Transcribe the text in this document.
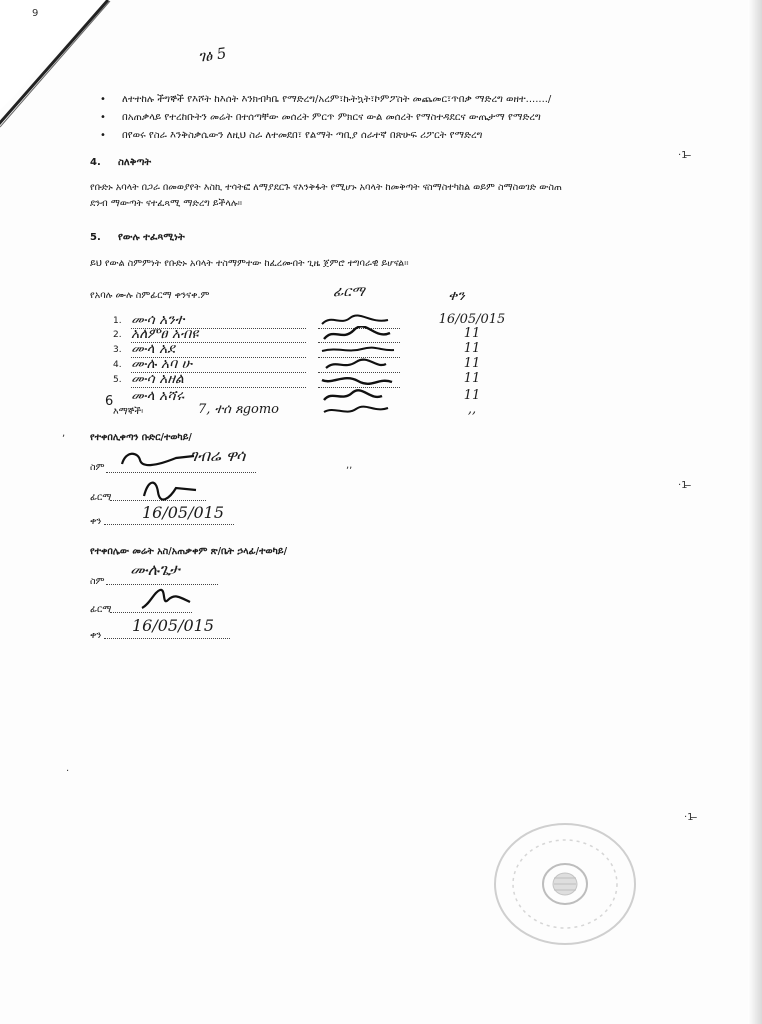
9
ገፅ 5
• ለተተከሉ ችግኞች የእሾት ከእሰት እንክብካቤ የማድረግ/አረም፣ኩትኳት፣ኮምፖስት መጨመር፣ጥበቃ ማድረግ ወዘተ......./
• በአጠቃላይ የተረከቡትን መሬት በተሰጣቸው መሰረት ምርጥ ምክርና ውል መሰረት የማስተዳደርና ውጤታማ የማድረግ
• በየወሩ የስራ እንቅስቃሴውን ለዚህ ስራ ለተመደበ፣ የልማት ጣቢያ ሰራተኛ በጽሁፍ ሪፖርት የማድረግ
·1 ̶
4. ስለቅጣት
የቡድኑ አባላት በጋራ በመወያየት እስኪ ተሳትፎ ለማያደርጉ ናእንቅፋት የሚሆኑ አባላት ከመቅጣት ናስማስተካከል ወይም ስማስወገድ ውስጠ
ደንብ ማውጣት ናተፈጻሚ ማድረግ ይችላሉ።
5. የውሉ ተፈጻሚነት
ይህ የውል ስምምነት የቡድኑ አባላት ተስማምተው ከፈረሙበት ጊዜ ጀምሮ ተግባራዊ ይሆናል።
የአባሉ ሙሉ ስምፊርማ ቀንናቀ.ም	ፊርማ	ቀን
1. ሙሳ አንተ	16/05/015
2. አለምፀ አብዩ	11
3. ሙላ አደ	11
4. ሙሉ አባ ሁ	11
5. ሙሳ አዘል	11
6 ሙላ አሻሩ	11
እማኞች፡	7, ተሰ ጸgomo	,,
,	የተቀበሊቀጣን ቡድር/ተወካይ/
ስም
ገብሬ ዋሳ
,,
ፊርማ
ቀን	16/05/015
·1 ̶
የተቀበሌው መሬት አስ/አጠቃቀም ጽ/ቤት ኃላፊ/ተወካይ/
ስም
ሙሉጌታ
ፊርማ
ቀን
16/05/015
·
·1 ̶
